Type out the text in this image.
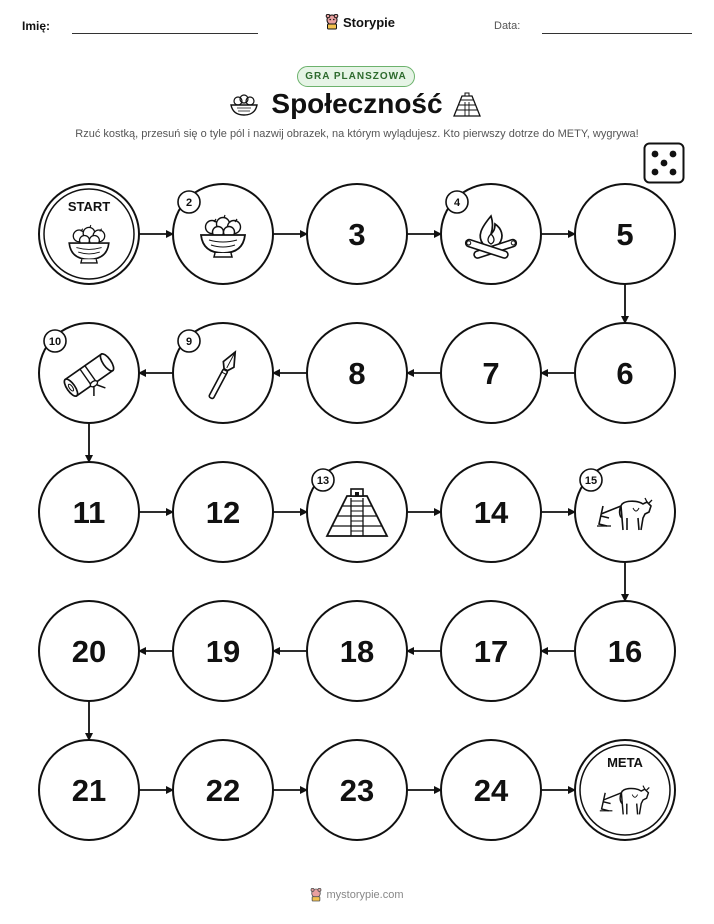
Imię:	Storypie	Data:
GRA PLANSZOWA
Społeczność
Rzuć kostką, przesuń się o tyle pól i nazwij obrazek, na którym wylądujesz. Kto pierwszy dotrze do METY, wygrywa!
START	2
3
4
5
6
7
8
9
10
11	12
13
14
15
16
17
18
19
20
21	22	23	24
META
mystorypie.com
